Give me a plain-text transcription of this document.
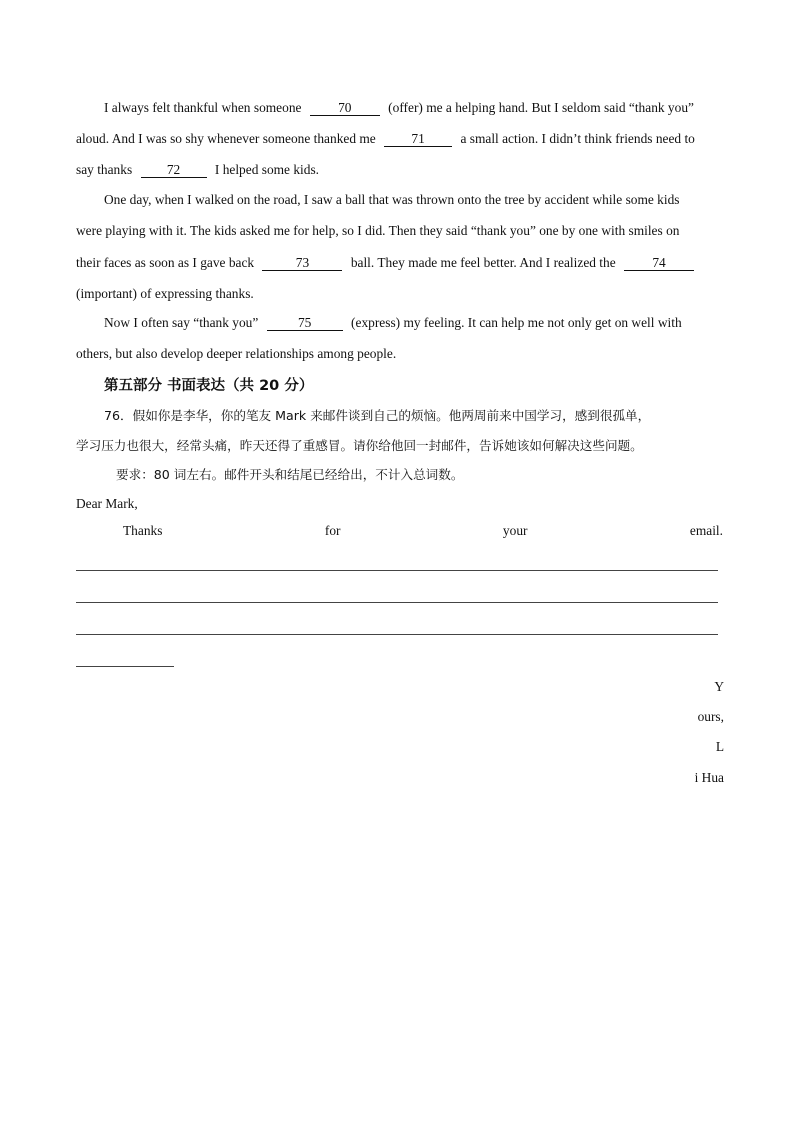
I always felt thankful when someone	70	(offer) me a helping hand. But I seldom said “thank you”
aloud. And I was so shy whenever someone thanked me	71	a small action. I didn’t think friends need to
say thanks	72	I helped some kids.
One day, when I walked on the road, I saw a ball that was thrown onto the tree by accident while some kids
were playing with it. The kids asked me for help, so I did. Then they said “thank you” one by one with smiles on
their faces as soon as I gave back	73	ball. They made me feel better. And I realized the	74
(important) of expressing thanks.
Now I often say “thank you”	75	(express) my feeling. It can help me not only get on well with
others, but also develop deeper relationships among people.
第五部分 书面表达（共 20 分）
76．假如你是李华，你的笔友 Mark 来邮件谈到自己的烦恼。他两周前来中国学习，感到很孤单，
学习压力也很大，经常头痛，昨天还得了重感冒。请你给他回一封邮件，告诉她该如何解决这些问题。
要求：80 词左右。邮件开头和结尾已经给出，不计入总词数。
Dear Mark,
Thanks	for	your	email.
Y
ours,
L
i Hua
